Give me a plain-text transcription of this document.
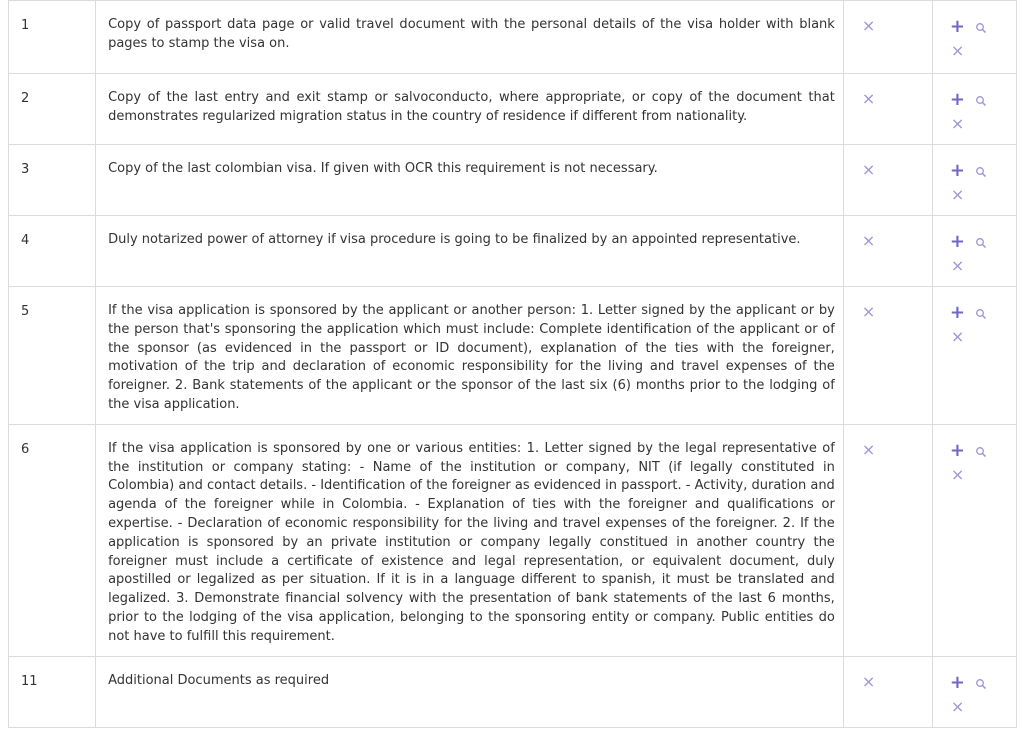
1	Copy of passport data page or valid travel document with the personal details of the visa holder with blank pages to stamp the visa on.	×	+
×

2	Copy of the last entry and exit stamp or salvoconducto, where appropriate, or copy of the document that demonstrates regularized migration status in the country of residence if different from nationality.	×	+
×

3	Copy of the last colombian visa. If given with OCR this requirement is not necessary.	×	+
×

4	Duly notarized power of attorney if visa procedure is going to be finalized by an appointed representative.	×	+
×

5	If the visa application is sponsored by the applicant or another person: 1. Letter signed by the applicant or by the person that's sponsoring the application which must include: Complete identification of the applicant or of the sponsor (as evidenced in the passport or ID document), explanation of the ties with the foreigner, motivation of the trip and declaration of economic responsibility for the living and travel expenses of the foreigner. 2. Bank statements of the applicant or the sponsor of the last six (6) months prior to the lodging of the visa application.	×	+
×

6	If the visa application is sponsored by one or various entities: 1. Letter signed by the legal representative of the institution or company stating: - Name of the institution or company, NIT (if legally constituted in Colombia) and contact details. - Identification of the foreigner as evidenced in passport. - Activity, duration and agenda of the foreigner while in Colombia. - Explanation of ties with the foreigner and qualifications or expertise. - Declaration of economic responsibility for the living and travel expenses of the foreigner. 2. If the application is sponsored by an private institution or company legally constitued in another country the foreigner must include a certificate of existence and legal representation, or equivalent document, duly apostilled or legalized as per situation. If it is in a language different to spanish, it must be translated and legalized. 3. Demonstrate financial solvency with the presentation of bank statements of the last 6 months, prior to the lodging of the visa application, belonging to the sponsoring entity or company. Public entities do not have to fulfill this requirement.	×	+
×

11	Additional Documents as required	×	+
×
